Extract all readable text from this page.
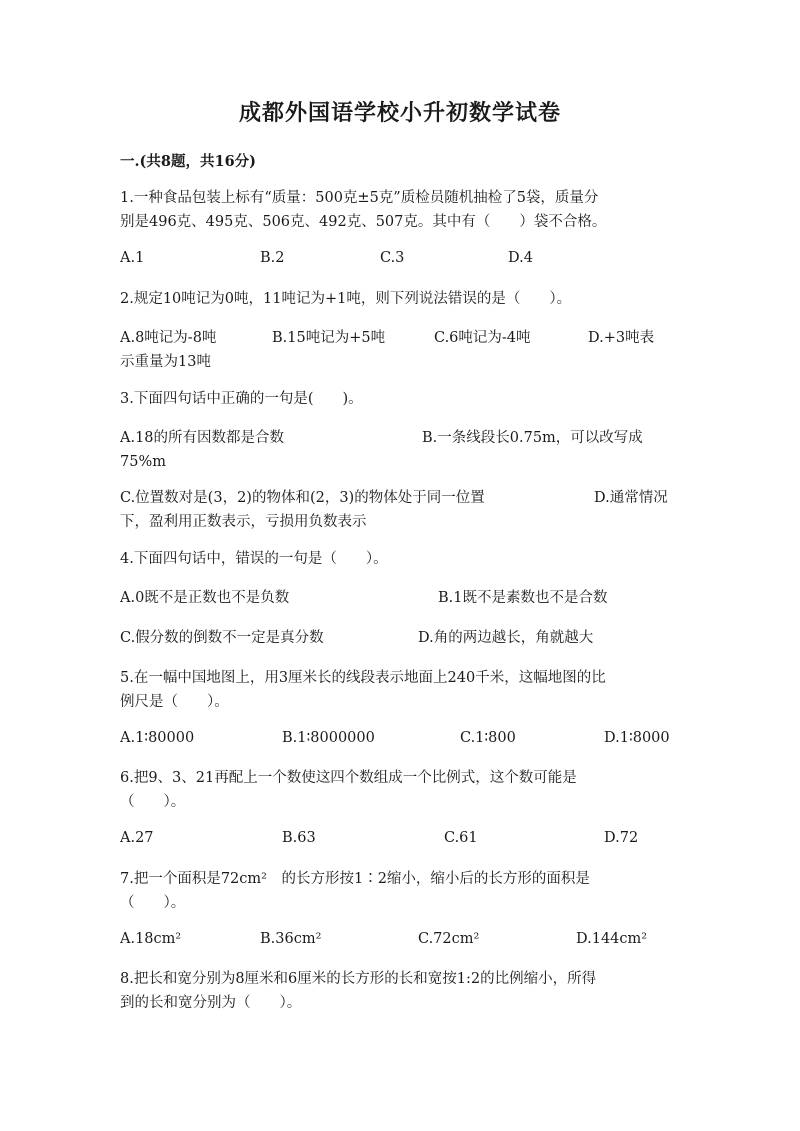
成都外国语学校小升初数学试卷
一.(共8题，共16分)
1.一种食品包装上标有“质量：500克±5克”质检员随机抽检了5袋，质量分
别是496克、495克、506克、492克、507克。其中有（　　）袋不合格。
A.1	B.2	C.3	D.4
2.规定10吨记为0吨，11吨记为+1吨，则下列说法错误的是（　　）。
A.8吨记为-8吨	B.15吨记为+5吨	C.6吨记为-4吨	D.+3吨表
示重量为13吨
3.下面四句话中正确的一句是(　　)。
A.18的所有因数都是合数	B.一条线段长0.75m，可以改写成
75%m
C.位置数对是(3，2)的物体和(2，3)的物体处于同一位置	D.通常情况
下，盈利用正数表示，亏损用负数表示
4.下面四句话中，错误的一句是（　　）。
A.0既不是正数也不是负数	B.1既不是素数也不是合数
C.假分数的倒数不一定是真分数	D.角的两边越长，角就越大
5.在一幅中国地图上，用3厘米长的线段表示地面上240千米，这幅地图的比
例尺是（　　）。
A.1∶80000	B.1∶8000000	C.1∶800	D.1∶8000
6.把9、3、21再配上一个数使这四个数组成一个比例式，这个数可能是
（　　）。
A.27	B.63	C.61	D.72
7.把一个面积是72cm²　的长方形按1∶2缩小，缩小后的长方形的面积是
（　　）。
A.18cm²	B.36cm²	C.72cm²	D.144cm²
8.把长和宽分别为8厘米和6厘米的长方形的长和宽按1:2的比例缩小，所得
到的长和宽分别为（　　）。
